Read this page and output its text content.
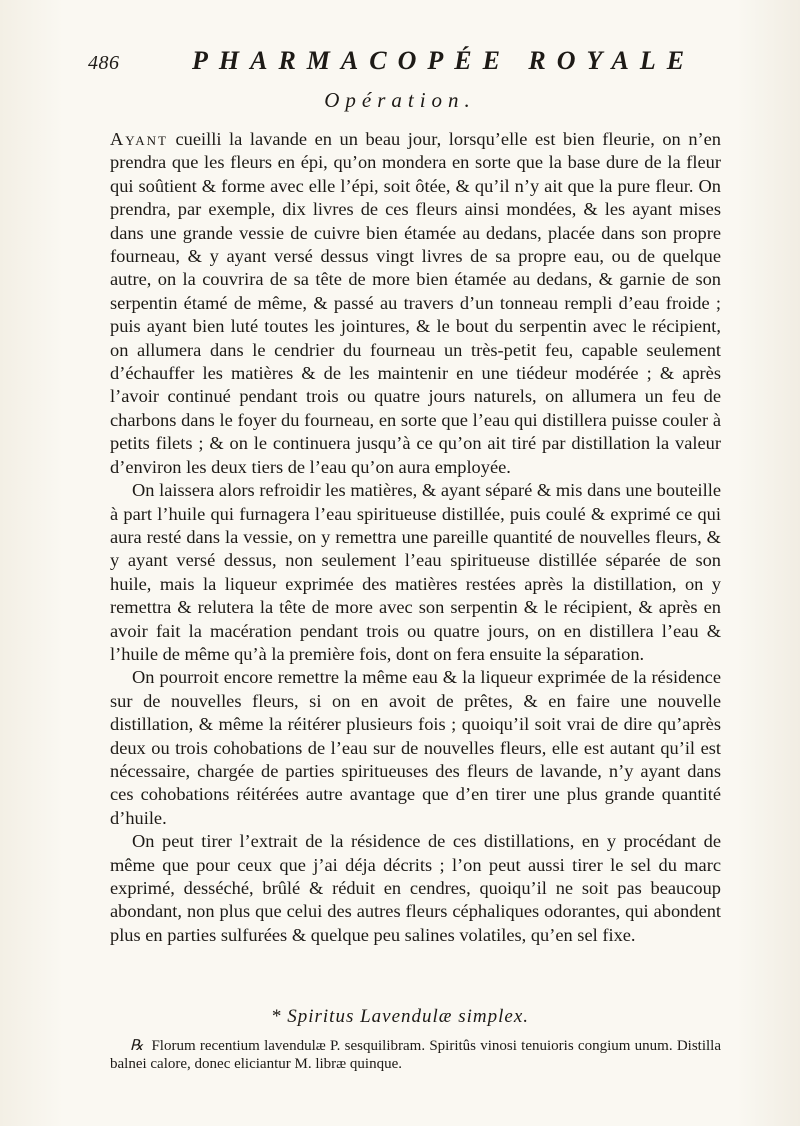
486	PHARMACOPÉE ROYALE
Opération.

Ayant cueilli la lavande en un beau jour, lorsqu’elle est bien fleurie, on n’en prendra que les fleurs en épi, qu’on mondera en sorte que la base dure de la fleur qui soûtient & forme avec elle l’épi, soit ôtée, & qu’il n’y ait que la pure fleur. On prendra, par exemple, dix livres de ces fleurs ainsi mondées, & les ayant mises dans une grande vessie de cuivre bien étamée au dedans, placée dans son propre fourneau, & y ayant versé dessus vingt livres de sa propre eau, ou de quelque autre, on la couvrira de sa tête de more bien étamée au dedans, & garnie de son serpentin étamé de même, & passé au travers d’un tonneau rempli d’eau froide ; puis ayant bien luté toutes les jointures, & le bout du serpentin avec le récipient, on allumera dans le cendrier du fourneau un très-petit feu, capable seulement d’échauffer les matières & de les maintenir en une tiédeur modérée ; & après l’avoir continué pendant trois ou quatre jours naturels, on allumera un feu de charbons dans le foyer du fourneau, en sorte que l’eau qui distillera puisse couler à petits filets ; & on le continuera jusqu’à ce qu’on ait tiré par distillation la valeur d’environ les deux tiers de l’eau qu’on aura employée.

On laissera alors refroidir les matières, & ayant séparé & mis dans une bouteille à part l’huile qui furnagera l’eau spiritueuse distillée, puis coulé & exprimé ce qui aura resté dans la vessie, on y remettra une pareille quantité de nouvelles fleurs, & y ayant versé dessus, non seulement l’eau spiritueuse distillée séparée de son huile, mais la liqueur exprimée des matières restées après la distillation, on y remettra & relutera la tête de more avec son serpentin & le récipient, & après en avoir fait la macération pendant trois ou quatre jours, on en distillera l’eau & l’huile de même qu’à la première fois, dont on fera ensuite la séparation.

On pourroit encore remettre la même eau & la liqueur exprimée de la résidence sur de nouvelles fleurs, si on en avoit de prêtes, & en faire une nouvelle distillation, & même la réitérer plusieurs fois ; quoiqu’il soit vrai de dire qu’après deux ou trois cohobations de l’eau sur de nouvelles fleurs, elle est autant qu’il est nécessaire, chargée de parties spiritueuses des fleurs de lavande, n’y ayant dans ces cohobations réitérées autre avantage que d’en tirer une plus grande quantité d’huile.

On peut tirer l’extrait de la résidence de ces distillations, en y procédant de même que pour ceux que j’ai déja décrits ; l’on peut aussi tirer le sel du marc exprimé, desséché, brûlé & réduit en cendres, quoiqu’il ne soit pas beaucoup abondant, non plus que celui des autres fleurs céphaliques odorantes, qui abondent plus en parties sulfurées & quelque peu salines volatiles, qu’en sel fixe.

* Spiritus Lavendulæ simplex.

℞ Florum recentium lavendulæ P. sesquilibram. Spiritûs vinosi tenuioris congium unum. Distilla balnei calore, donec eliciantur M. libræ quinque.
